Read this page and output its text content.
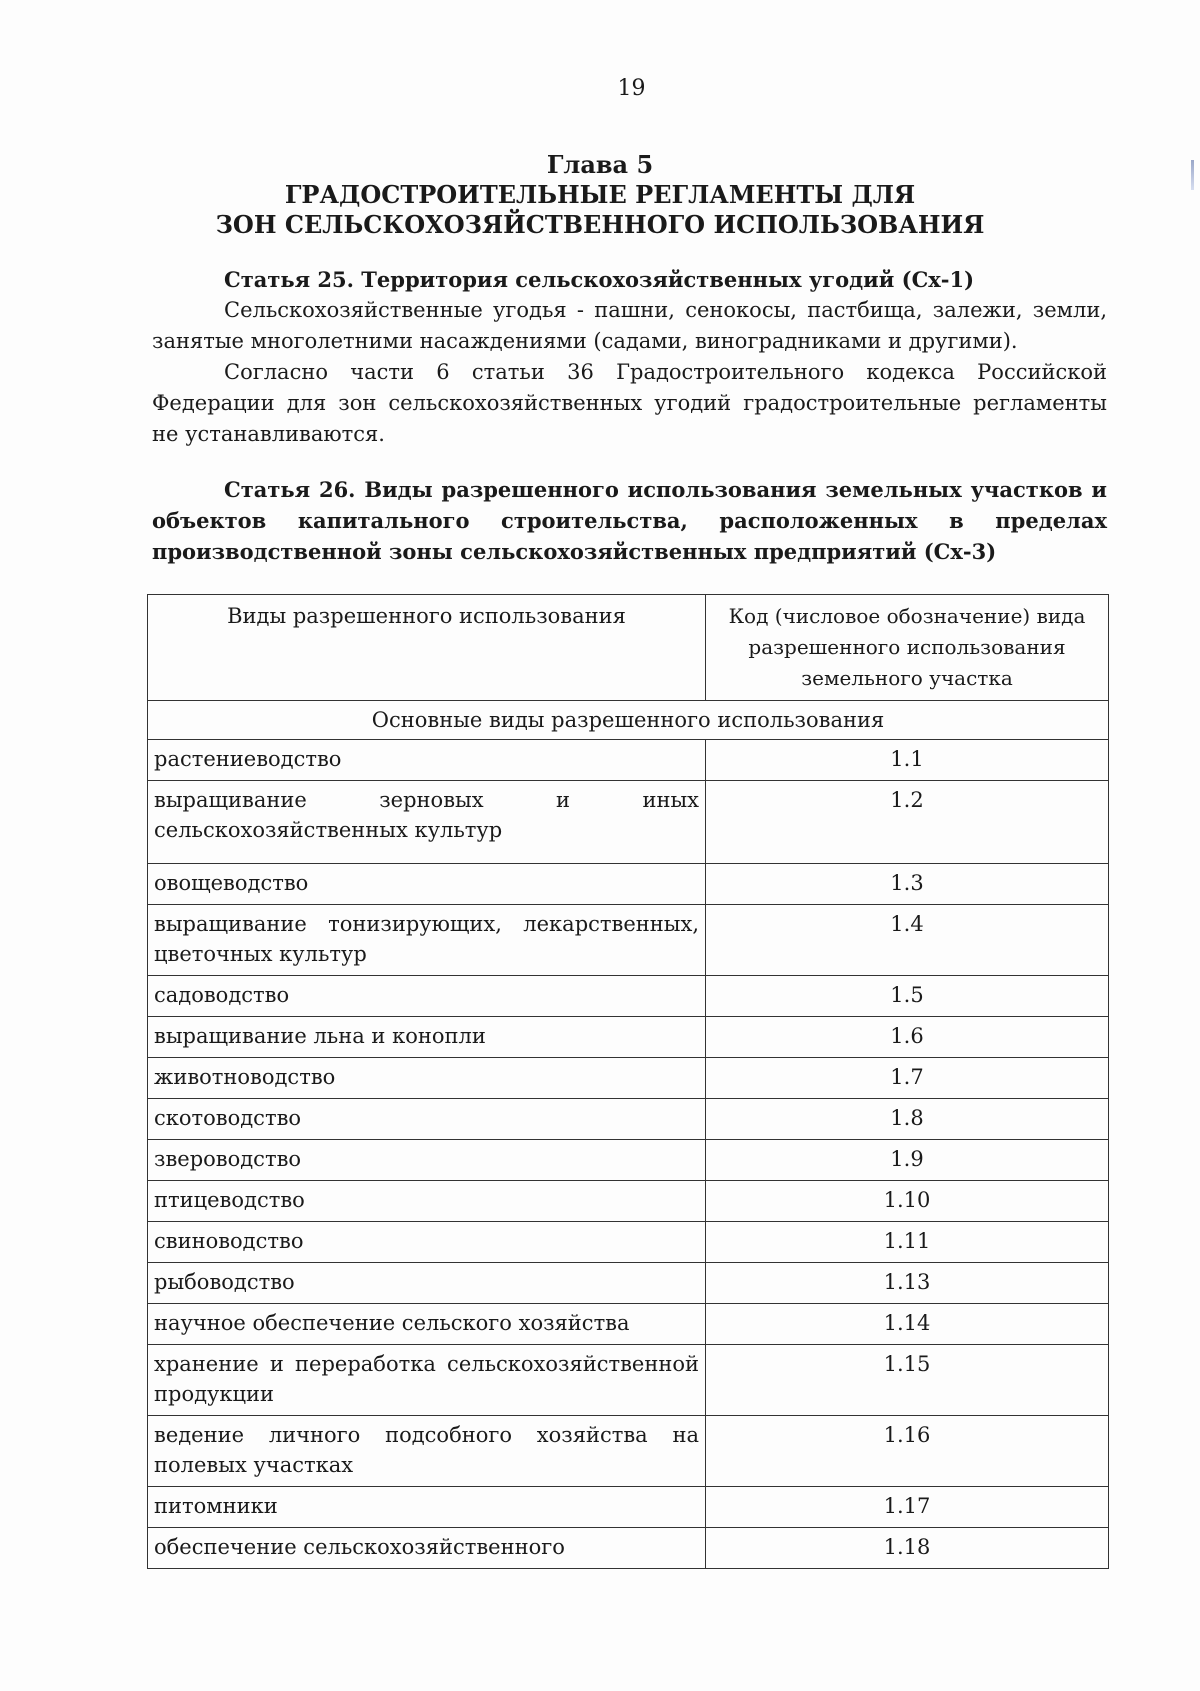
19
Глава 5
ГРАДОСТРОИТЕЛЬНЫЕ РЕГЛАМЕНТЫ ДЛЯ
ЗОН СЕЛЬСКОХОЗЯЙСТВЕННОГО ИСПОЛЬЗОВАНИЯ
Статья 25. Территория сельскохозяйственных угодий (Сх-1)
Сельскохозяйственные угодья - пашни, сенокосы, пастбища, залежи, земли, занятые многолетними насаждениями (садами, виноградниками и другими).
Согласно части 6 статьи 36 Градостроительного кодекса Российской Федерации для зон сельскохозяйственных угодий градостроительные регламенты не устанавливаются.
Статья 26. Виды разрешенного использования земельных участков и объектов капитального строительства, расположенных в пределах производственной зоны сельскохозяйственных предприятий (Сх-3)
Виды разрешенного использования	Код (числовое обозначение) вида разрешенного использования земельного участка
Основные виды разрешенного использования	
растениеводство	1.1
выращивание зерновых и иных сельскохозяйственных культур	1.2
овощеводство	1.3
выращивание тонизирующих, лекарственных, цветочных культур	1.4
садоводство	1.5
выращивание льна и конопли	1.6
животноводство	1.7
скотоводство	1.8
звероводство	1.9
птицеводство	1.10
свиноводство	1.11
рыбоводство	1.13
научное обеспечение сельского хозяйства	1.14
хранение и переработка сельскохозяйственной продукции	1.15
ведение личного подсобного хозяйства на полевых участках	1.16
питомники	1.17
обеспечение сельскохозяйственного	1.18
